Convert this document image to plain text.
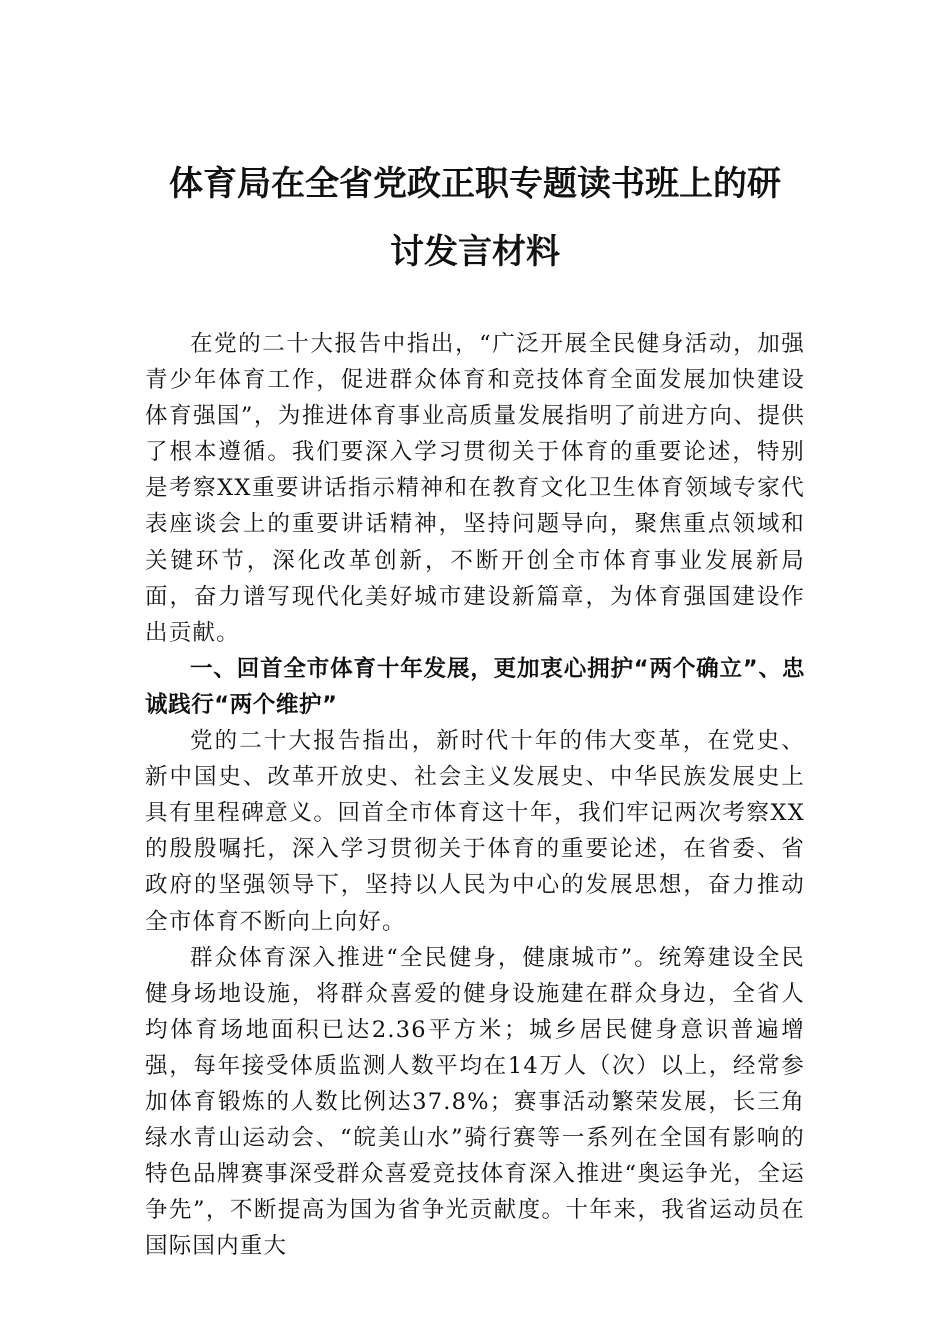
体育局在全省党政正职专题读书班上的研
讨发言材料

在党的二十大报告中指出，“广泛开展全民健身活动，加强青少年体育工作，促进群众体育和竞技体育全面发展加快建设体育强国”，为推进体育事业高质量发展指明了前进方向、提供了根本遵循。我们要深入学习贯彻关于体育的重要论述，特别是考察XX重要讲话指示精神和在教育文化卫生体育领域专家代表座谈会上的重要讲话精神，坚持问题导向，聚焦重点领域和关键环节，深化改革创新，不断开创全市体育事业发展新局面，奋力谱写现代化美好城市建设新篇章，为体育强国建设作出贡献。

一、回首全市体育十年发展，更加衷心拥护“两个确立”、忠诚践行“两个维护”

党的二十大报告指出，新时代十年的伟大变革，在党史、新中国史、改革开放史、社会主义发展史、中华民族发展史上具有里程碑意义。回首全市体育这十年，我们牢记两次考察XX的殷殷嘱托，深入学习贯彻关于体育的重要论述，在省委、省政府的坚强领导下，坚持以人民为中心的发展思想，奋力推动全市体育不断向上向好。

群众体育深入推进“全民健身，健康城市”。统筹建设全民健身场地设施，将群众喜爱的健身设施建在群众身边，全省人均体育场地面积已达2.36平方米；城乡居民健身意识普遍增强，每年接受体质监测人数平均在14万人（次）以上，经常参加体育锻炼的人数比例达37.8%；赛事活动繁荣发展，长三角绿水青山运动会、“皖美山水”骑行赛等一系列在全国有影响的特色品牌赛事深受群众喜爱竞技体育深入推进“奥运争光，全运争先”，不断提高为国为省争光贡献度。十年来，我省运动员在国际国内重大
